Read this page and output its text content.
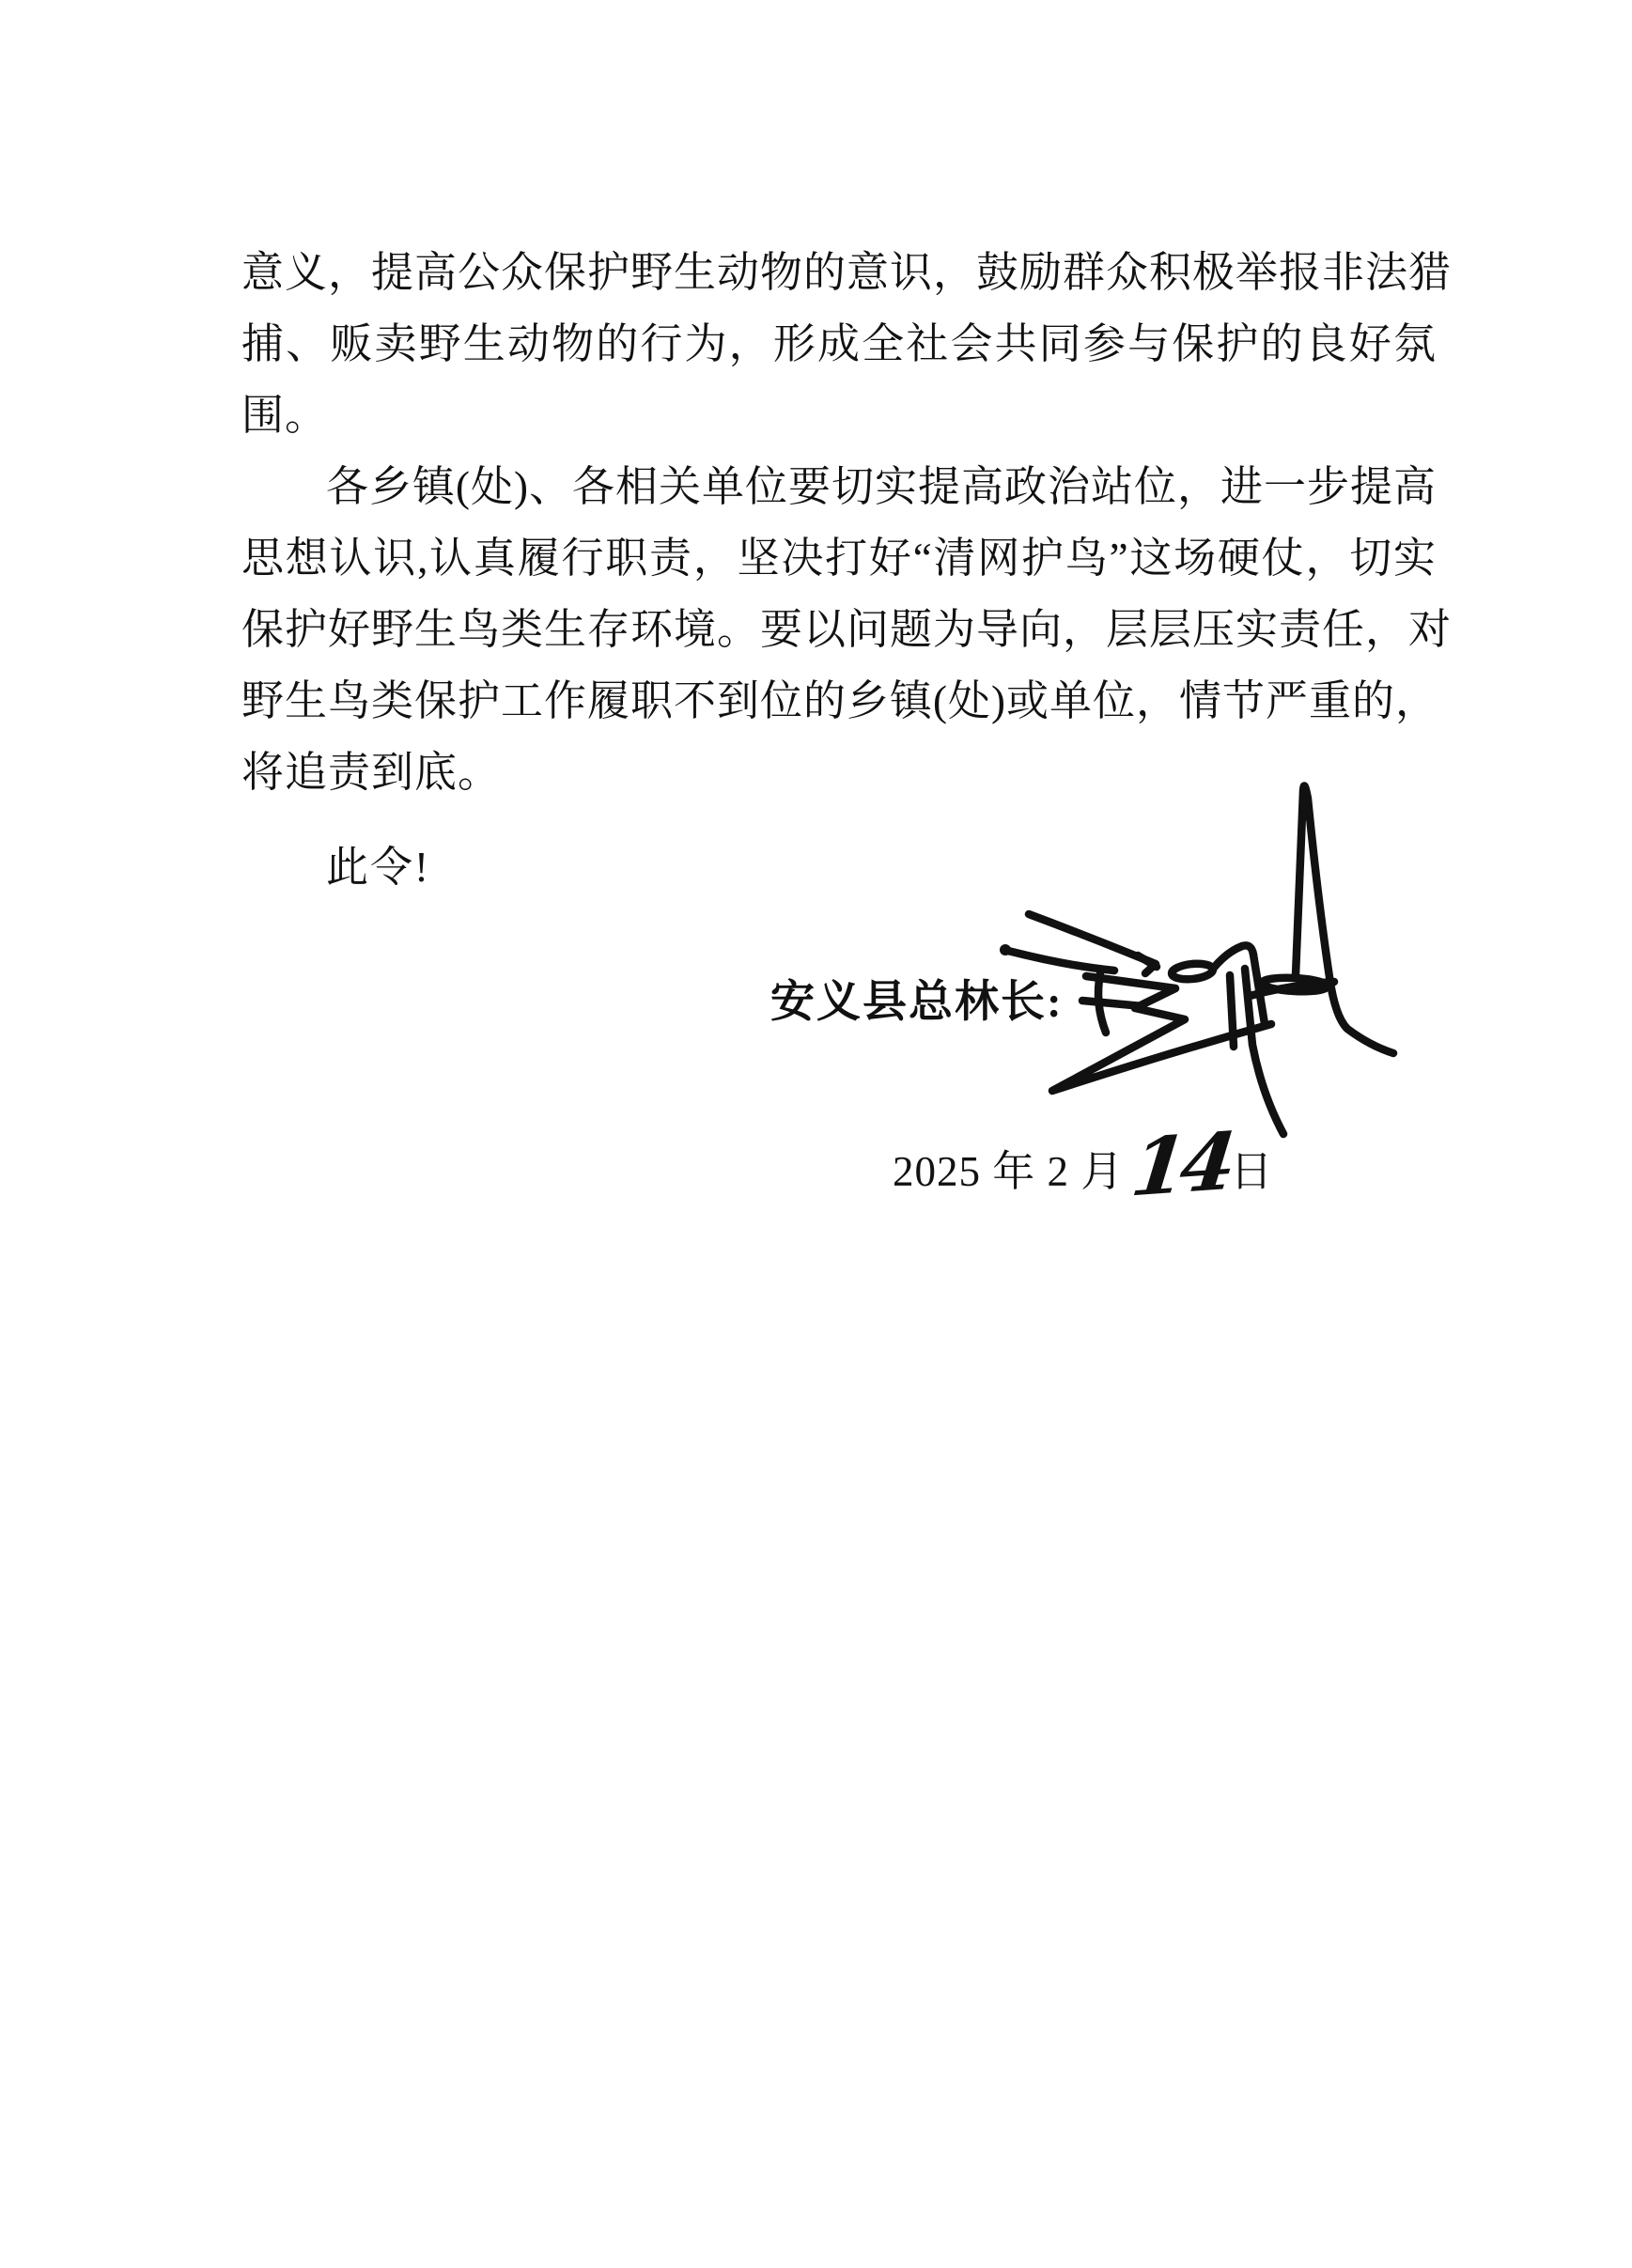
意义，提高公众保护野生动物的意识，鼓励群众积极举报非法猎
捕、贩卖野生动物的行为，形成全社会共同参与保护的良好氛围。
各乡镇(处)、各相关单位要切实提高政治站位，进一步提高
思想认识,认真履行职责，坚决打好“清网护鸟”这场硬仗，切实
保护好野生鸟类生存环境。要以问题为导向，层层压实责任，对
野生鸟类保护工作履职不到位的乡镇(处)或单位，情节严重的，
将追责到底。
此令!
安义县总林长:
2025 年 2 月
14
日
